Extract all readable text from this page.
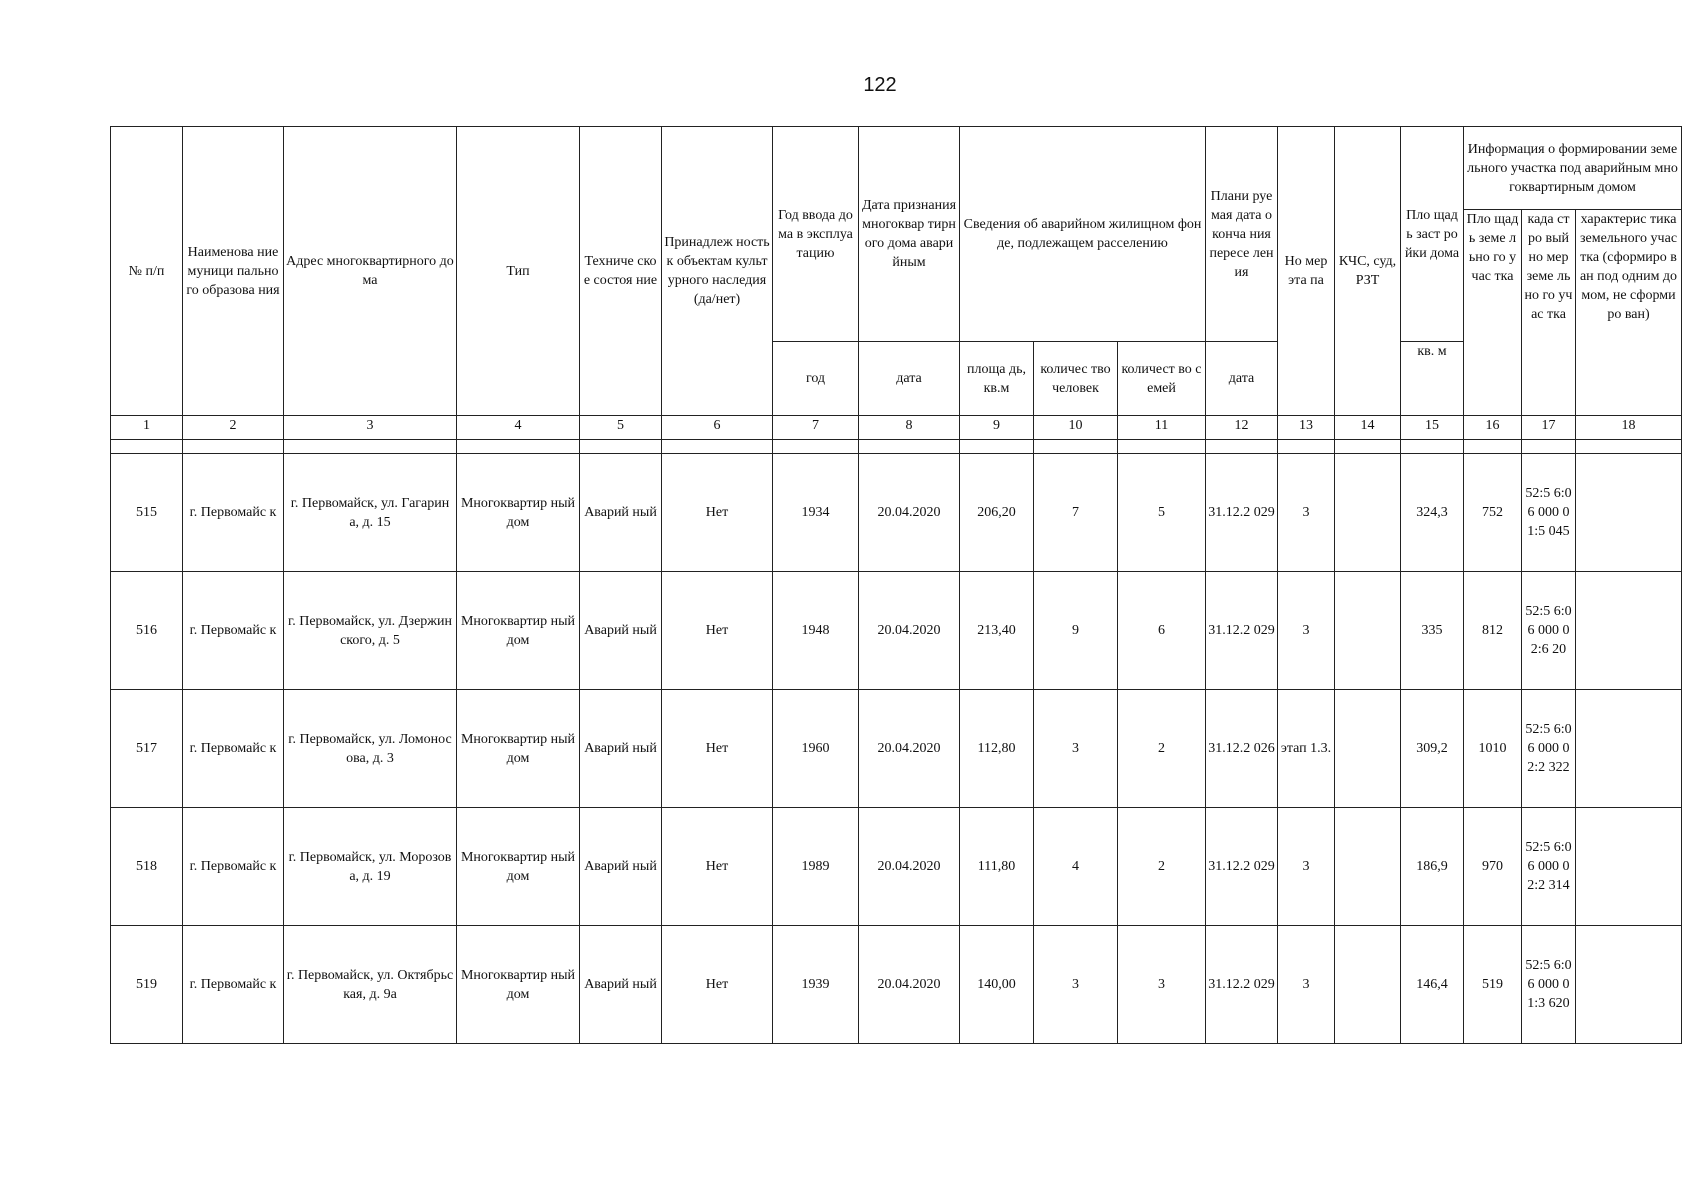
122
№ п/п	Наименова ние муници пального образова ния	Адрес многоквартирного дома	Тип	Техниче ское состоя ние	Принадлеж ность к объектам культурного наследия (да/нет)	Год ввода дома в эксплуа тацию	Дата признания многоквар тирного дома аварийным	Сведения об аварийном жилищном фонде, подлежащем расселению			Плани руемая дата оконча ния пересе ления	Но мер эта па	КЧС, суд, РЗТ	Пло щадь заст ройки дома	Информация о формировании земельного участка под аварийным многоквартирным домом		
															Пло щадь земе льно го учас тка	када стро вый но мер земе льно го учас тка	характерис тика земельного участка (сформиро ван под одним домом, не сформиро ван)
						год	дата	площа дь, кв.м	количес тво человек	количест во семей	дата			кв. м			
1	2	3	4	5	6	7	8	9	10	11	12	13	14	15	16	17	18

515	г. Первомайс к	г. Первомайск, ул. Гагарина, д. 15	Многоквартир ный дом	Аварий ный	Нет	1934	20.04.2020	206,20	7	5	31.12.2 029	3		324,3	752	52:5 6:06 000 01:5 045	
516	г. Первомайс к	г. Первомайск, ул. Дзержинского, д. 5	Многоквартир ный дом	Аварий ный	Нет	1948	20.04.2020	213,40	9	6	31.12.2 029	3		335	812	52:5 6:06 000 02:6 20	
517	г. Первомайс к	г. Первомайск, ул. Ломоносова, д. 3	Многоквартир ный дом	Аварий ный	Нет	1960	20.04.2020	112,80	3	2	31.12.2 026	этап 1.3.		309,2	1010	52:5 6:06 000 02:2 322	
518	г. Первомайс к	г. Первомайск, ул. Морозова, д. 19	Многоквартир ный дом	Аварий ный	Нет	1989	20.04.2020	111,80	4	2	31.12.2 029	3		186,9	970	52:5 6:06 000 02:2 314	
519	г. Первомайс к	г. Первомайск, ул. Октябрьская, д. 9а	Многоквартир ный дом	Аварий ный	Нет	1939	20.04.2020	140,00	3	3	31.12.2 029	3		146,4	519	52:5 6:06 000 01:3 620	
